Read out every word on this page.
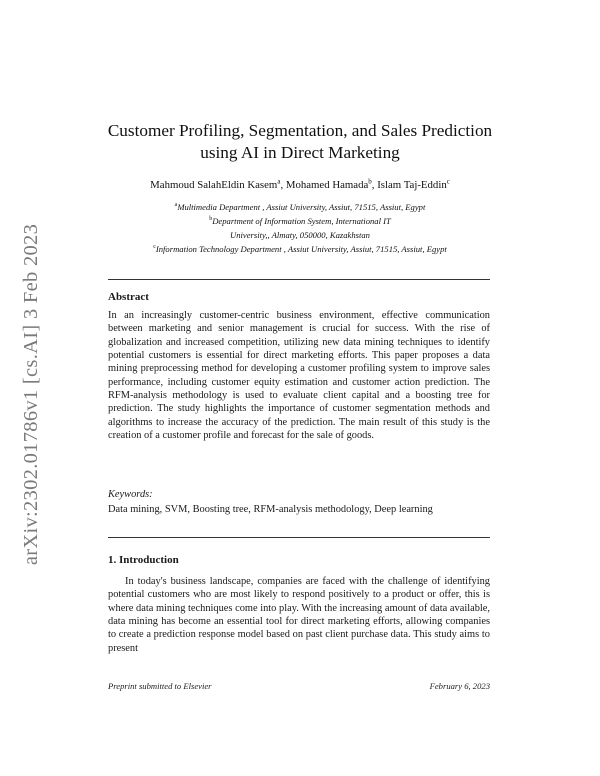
arXiv:2302.01786v1 [cs.AI] 3 Feb 2023
Customer Profiling, Segmentation, and Sales Prediction
using AI in Direct Marketing
Mahmoud SalahEldin Kasem$^a$, Mohamed Hamada$^b$, Islam Taj-Eddin$^c$
$^a$Multimedia Department , Assiut University, Assiut, 71515, Assiut, Egypt
$^b$Department of Information System, International IT
University,, Almaty, 050000, Kazakhstan
$^c$Information Technology Department , Assiut University, Assiut, 71515, Assiut, Egypt
Abstract
In an increasingly customer-centric business environment, effective communication between marketing and senior management is crucial for success. With the rise of globalization and increased competition, utilizing new data mining techniques to identify potential customers is essential for direct marketing efforts. This paper proposes a data mining preprocessing method for developing a customer profiling system to improve sales performance, including customer equity estimation and customer action prediction. The RFM-analysis methodology is used to evaluate client capital and a boosting tree for prediction. The study highlights the importance of customer segmentation methods and algorithms to increase the accuracy of the prediction. The main result of this study is the creation of a customer profile and forecast for the sale of goods.
Keywords:
Data mining, SVM, Boosting tree, RFM-analysis methodology, Deep learning
1. Introduction
In today's business landscape, companies are faced with the challenge of identifying potential customers who are most likely to respond positively to a product or offer, this is where data mining techniques come into play. With the increasing amount of data available, data mining has become an essential tool for direct marketing efforts, allowing companies to create a prediction response model based on past client purchase data. This study aims to present
Preprint submitted to Elsevier	February 6, 2023
